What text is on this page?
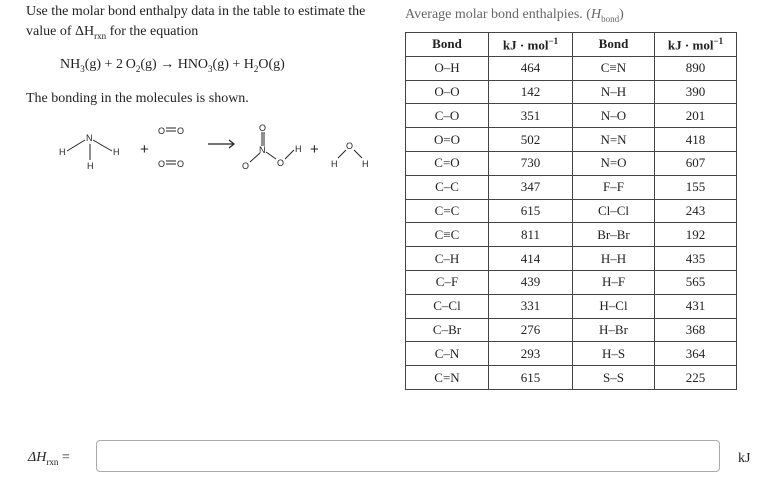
Use the molar bond enthalpy data in the table to estimate the
value of $\Delta H_{rxn}$ for the equation
$NH_3(g) + 2$ $O_2(g) \to HNO_3(g) + H_2O(g)$
The bonding in the molecules is shown.
H
N
H
H
+
O O
O O
O
N
O	O
H +	O
H	H
Average molar bond enthalpies. $(H_{bond})$
Bond	kJ · mol$^{-1}$	Bond	kJ · mol$^{-1}$
O–H	464	C≡N	890
O–O	142	N–H	390
C–O	351	N–O	201
O=O	502	N=N	418
C=O	730	N=O	607
C–C	347	F–F	155
C=C	615	Cl–Cl	243
C≡C	811	Br–Br	192
C–H	414	H–H	435
C–F	439	H–F	565
C–Cl	331	H–Cl	431
C–Br	276	H–Br	368
C–N	293	H–S	364
C=N	615	S–S	225
$\Delta H_{rxn}$ =	kJ
